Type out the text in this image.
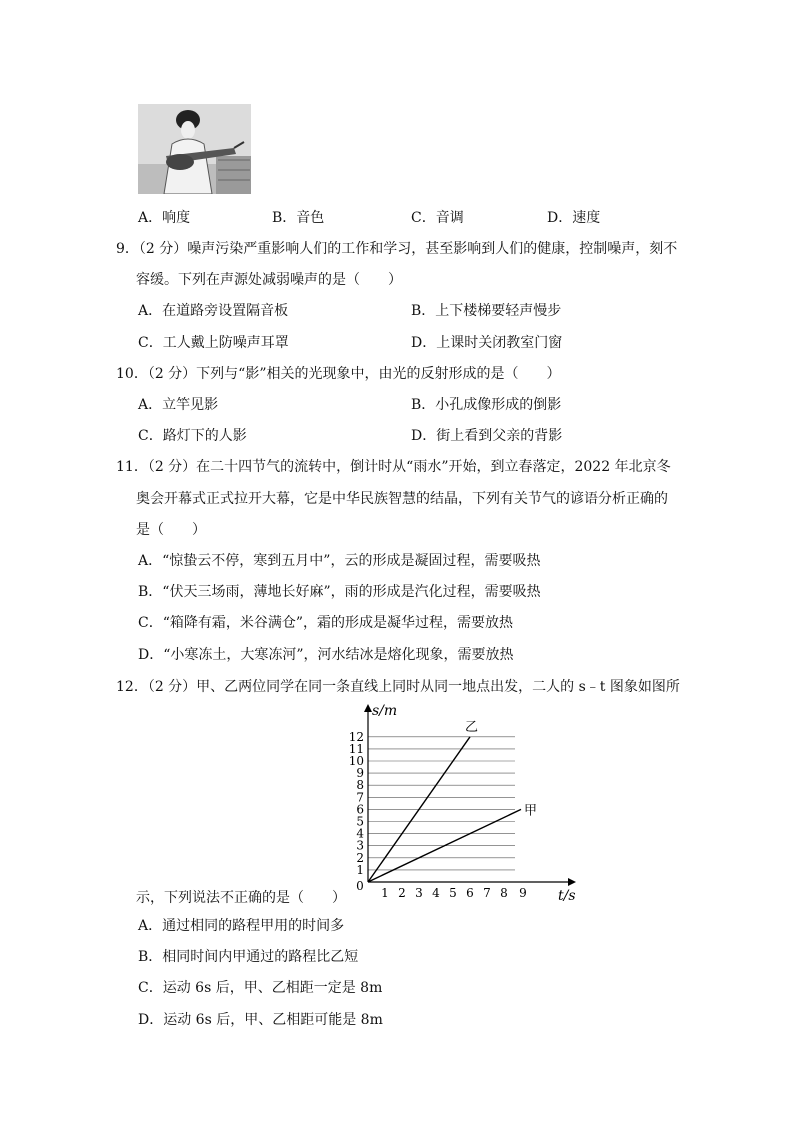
A．响度	B．音色	C．音调	D．速度
9．（2 分）噪声污染严重影响人们的工作和学习，甚至影响到人们的健康，控制噪声，刻不
容缓。下列在声源处减弱噪声的是（　　）
A．在道路旁设置隔音板	B．上下楼梯要轻声慢步
C．工人戴上防噪声耳罩	D．上课时关闭教室门窗
10．（2 分）下列与“影”相关的光现象中，由光的反射形成的是（　　）
A．立竿见影	B．小孔成像形成的倒影
C．路灯下的人影	D．街上看到父亲的背影
11．（2 分）在二十四节气的流转中，倒计时从“雨水”开始，到立春落定，2022 年北京冬
奥会开幕式正式拉开大幕，它是中华民族智慧的结晶，下列有关节气的谚语分析正确的
是（　　）
A．“惊蛰云不停，寒到五月中”，云的形成是凝固过程，需要吸热
B．“伏天三场雨，薄地长好麻”，雨的形成是汽化过程，需要吸热
C．“箱降有霜，米谷满仓”，霜的形成是凝华过程，需要放热
D．“小寒冻土，大寒冻河”，河水结冰是熔化现象，需要放热
12．（2 分）甲、乙两位同学在同一条直线上同时从同一地点出发，二人的 s﹣t 图象如图所
1
2
3
4
5
6
7
8
9
10
11
12
1 2 3 4 5 6 7 8 9
0
s/m
t/s
乙
甲
示，下列说法不正确的是（　　）
A．通过相同的路程甲用的时间多
B．相同时间内甲通过的路程比乙短
C．运动 6s 后，甲、乙相距一定是 8m
D．运动 6s 后，甲、乙相距可能是 8m
